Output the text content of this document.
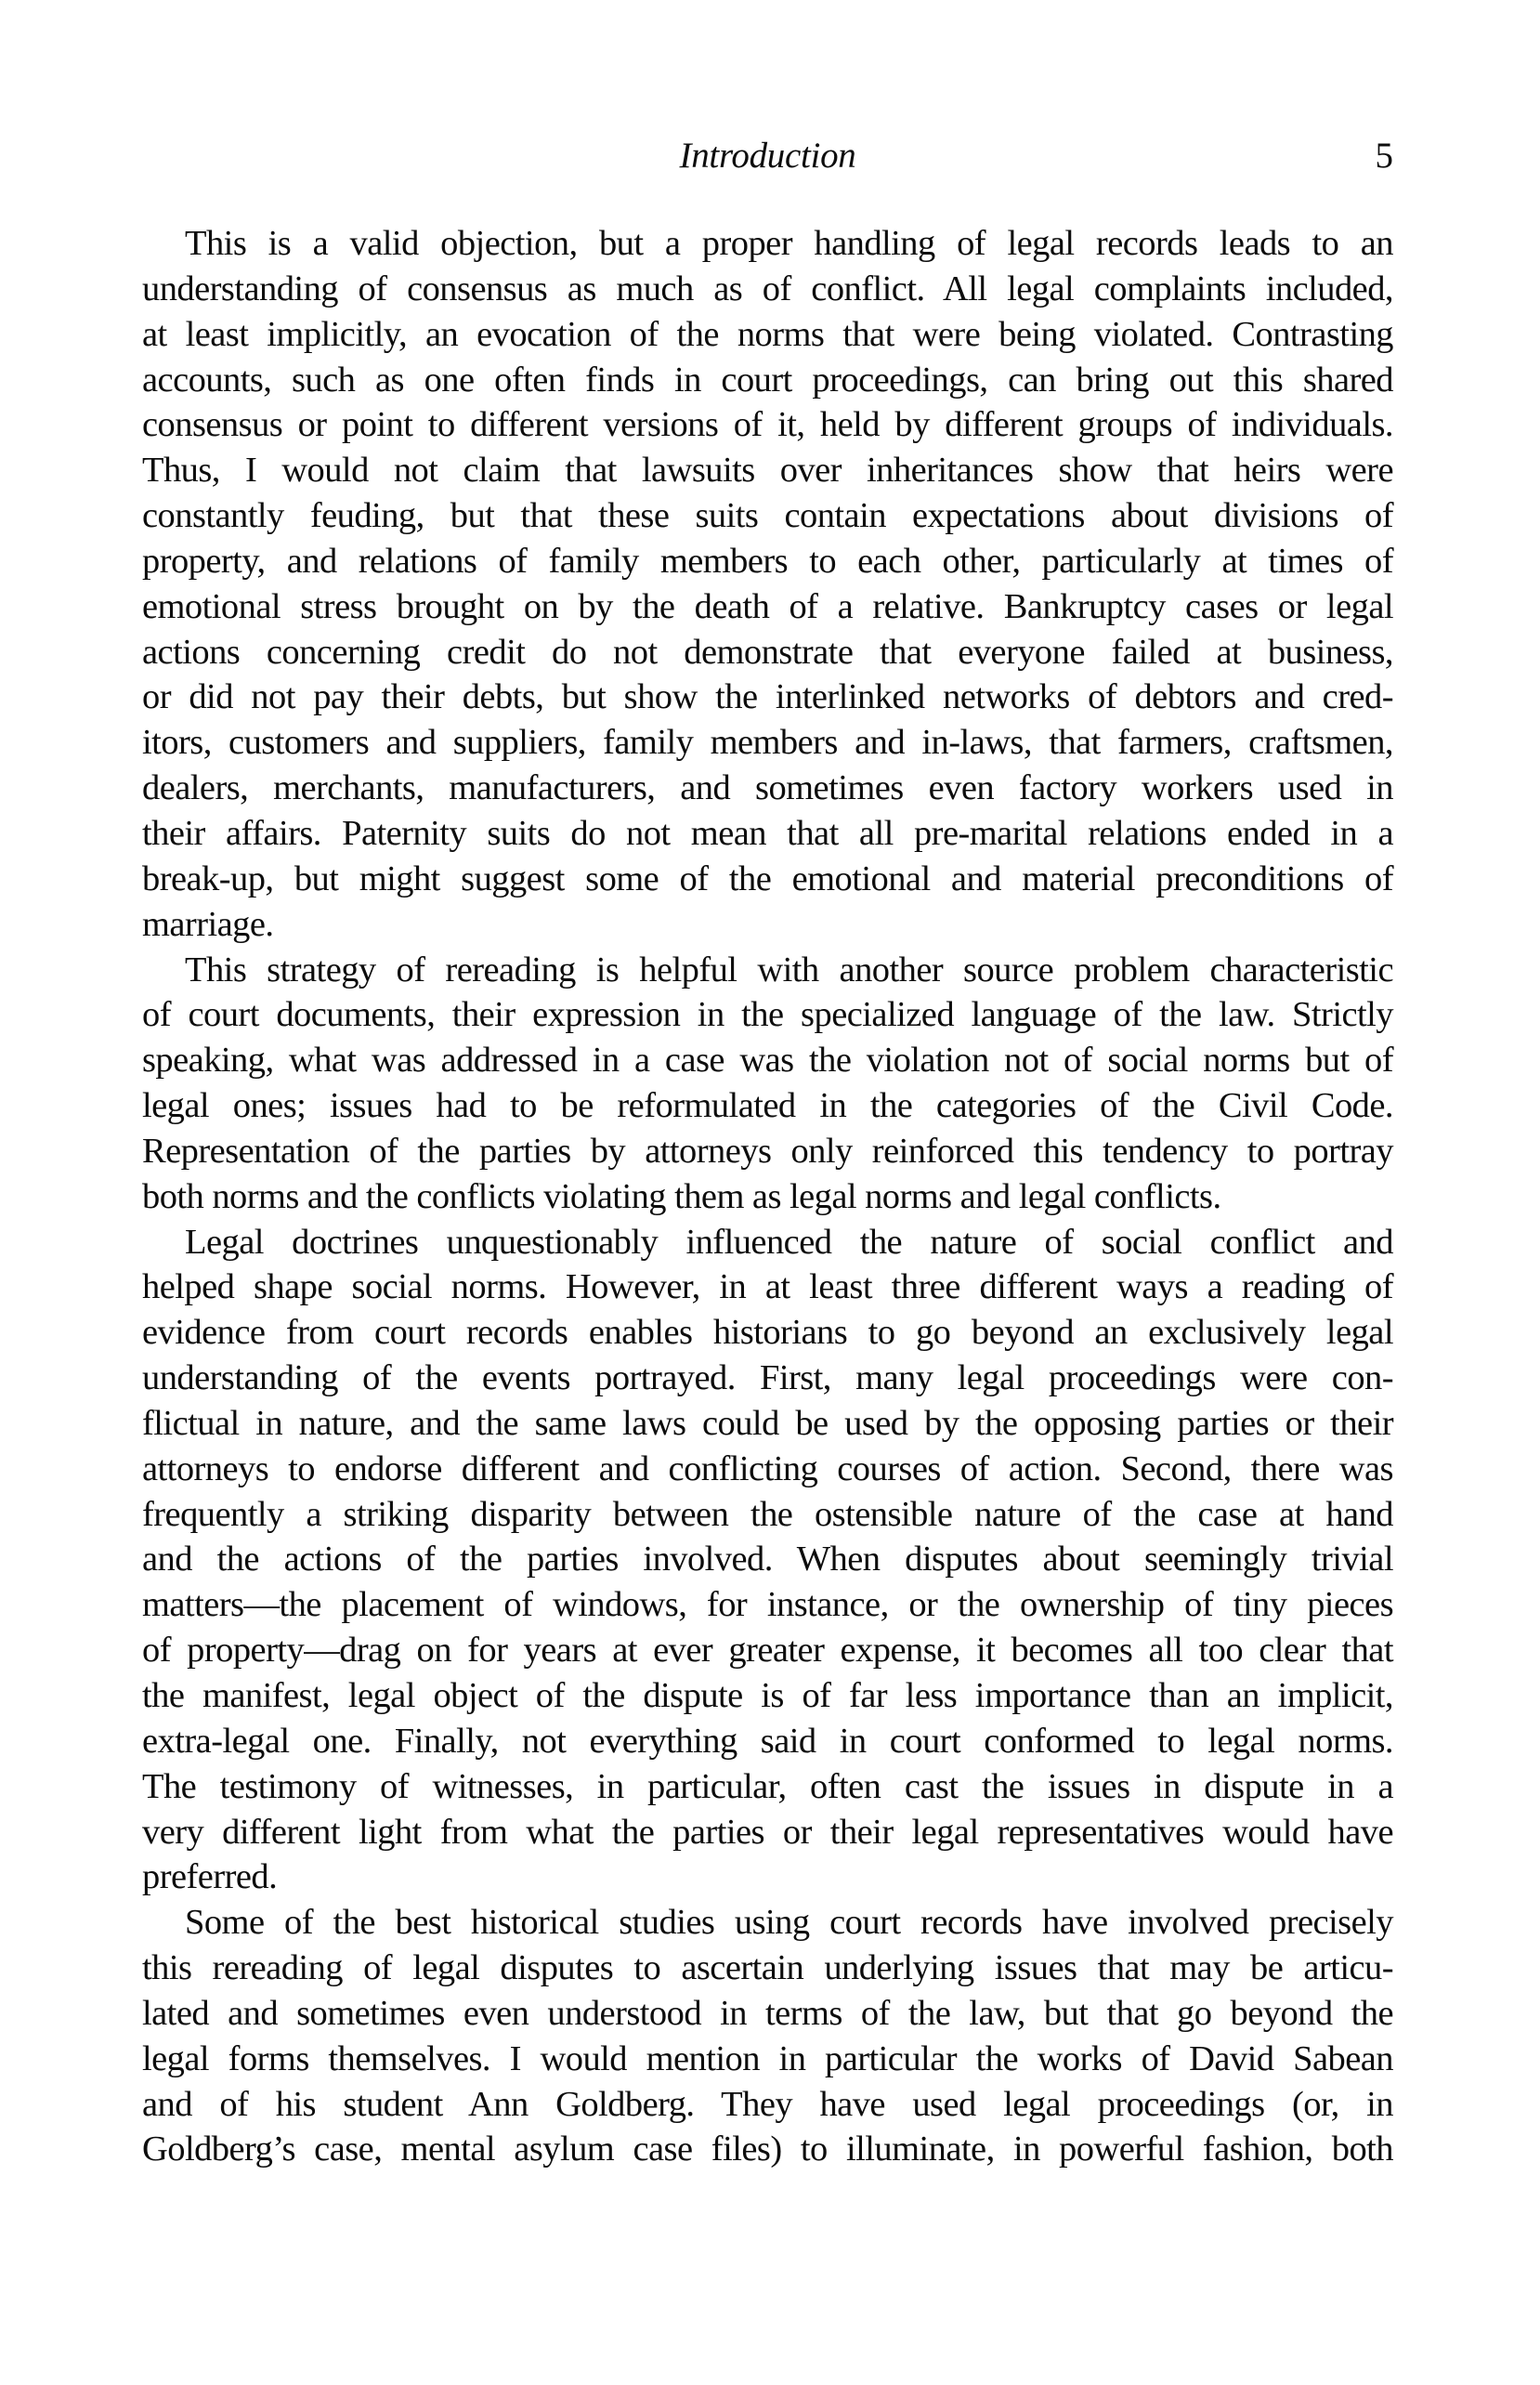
Introduction	5
This is a valid objection, but a proper handling of legal records leads to an
understanding of consensus as much as of conflict. All legal complaints included,
at least implicitly, an evocation of the norms that were being violated. Contrasting
accounts, such as one often finds in court proceedings, can bring out this shared
consensus or point to different versions of it, held by different groups of individuals.
Thus, I would not claim that lawsuits over inheritances show that heirs were
constantly feuding, but that these suits contain expectations about divisions of
property, and relations of family members to each other, particularly at times of
emotional stress brought on by the death of a relative. Bankruptcy cases or legal
actions concerning credit do not demonstrate that everyone failed at business,
or did not pay their debts, but show the interlinked networks of debtors and cred-
itors, customers and suppliers, family members and in-laws, that farmers, craftsmen,
dealers, merchants, manufacturers, and sometimes even factory workers used in
their affairs. Paternity suits do not mean that all pre-marital relations ended in a
break-up, but might suggest some of the emotional and material preconditions of
marriage.
This strategy of rereading is helpful with another source problem characteristic
of court documents, their expression in the specialized language of the law. Strictly
speaking, what was addressed in a case was the violation not of social norms but of
legal ones; issues had to be reformulated in the categories of the Civil Code.
Representation of the parties by attorneys only reinforced this tendency to portray
both norms and the conflicts violating them as legal norms and legal conflicts.
Legal doctrines unquestionably influenced the nature of social conflict and
helped shape social norms. However, in at least three different ways a reading of
evidence from court records enables historians to go beyond an exclusively legal
understanding of the events portrayed. First, many legal proceedings were con-
flictual in nature, and the same laws could be used by the opposing parties or their
attorneys to endorse different and conflicting courses of action. Second, there was
frequently a striking disparity between the ostensible nature of the case at hand
and the actions of the parties involved. When disputes about seemingly trivial
matters—the placement of windows, for instance, or the ownership of tiny pieces
of property—drag on for years at ever greater expense, it becomes all too clear that
the manifest, legal object of the dispute is of far less importance than an implicit,
extra-legal one. Finally, not everything said in court conformed to legal norms.
The testimony of witnesses, in particular, often cast the issues in dispute in a
very different light from what the parties or their legal representatives would have
preferred.
Some of the best historical studies using court records have involved precisely
this rereading of legal disputes to ascertain underlying issues that may be articu-
lated and sometimes even understood in terms of the law, but that go beyond the
legal forms themselves. I would mention in particular the works of David Sabean
and of his student Ann Goldberg. They have used legal proceedings (or, in
Goldberg’s case, mental asylum case files) to illuminate, in powerful fashion, both
